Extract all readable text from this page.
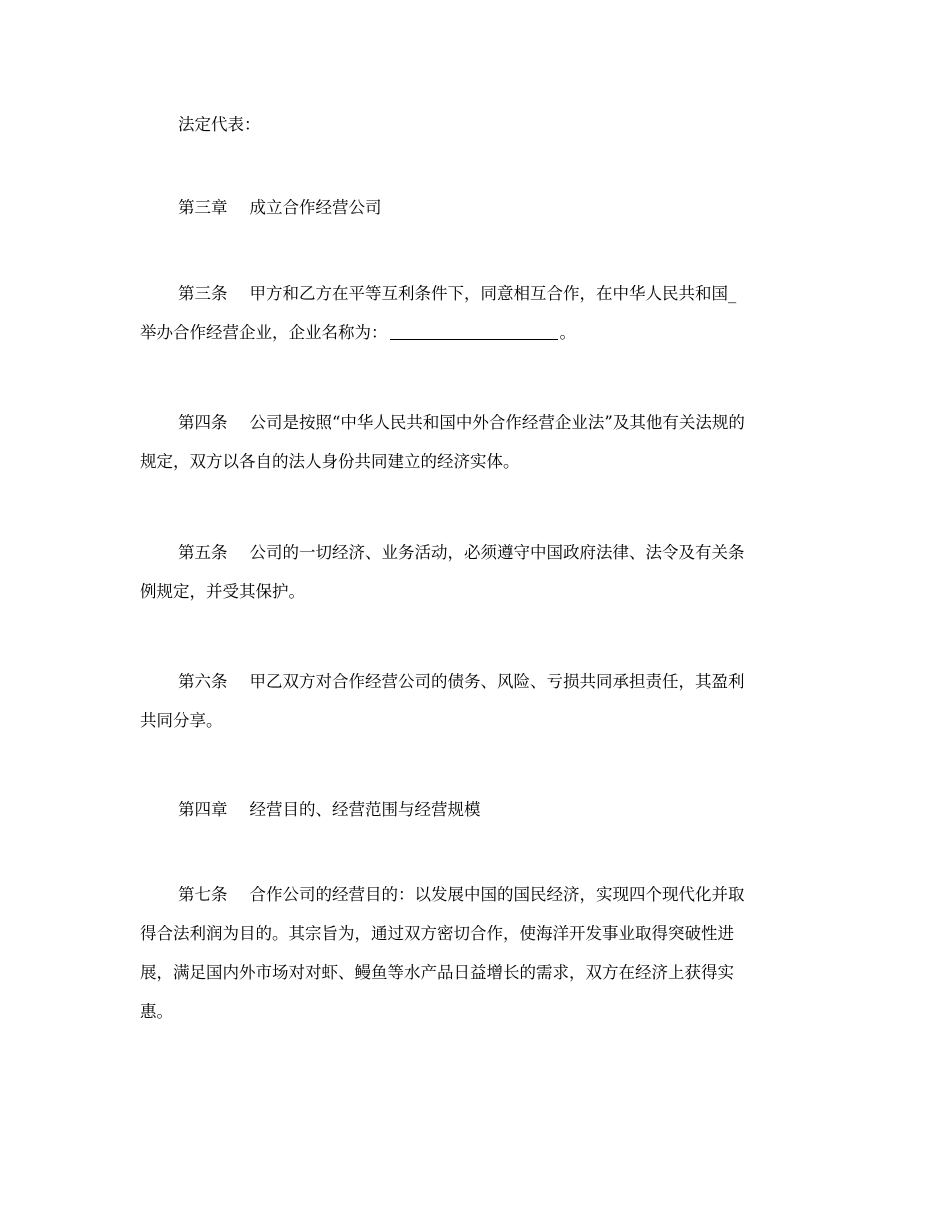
法定代表：

第三章 成立合作经营公司

第三条 甲方和乙方在平等互利条件下，同意相互合作，在中华人民共和国_
举办合作经营企业，企业名称为：	。

第四条 公司是按照“中华人民共和国中外合作经营企业法”及其他有关法规的
规定，双方以各自的法人身份共同建立的经济实体。

第五条 公司的一切经济、业务活动，必须遵守中国政府法律、法令及有关条
例规定，并受其保护。

第六条 甲乙双方对合作经营公司的债务、风险、亏损共同承担责任，其盈利
共同分享。

第四章 经营目的、经营范围与经营规模

第七条 合作公司的经营目的：以发展中国的国民经济，实现四个现代化并取
得合法利润为目的。其宗旨为，通过双方密切合作，使海洋开发事业取得突破性进
展，满足国内外市场对对虾、鳗鱼等水产品日益增长的需求，双方在经济上获得实
惠。
